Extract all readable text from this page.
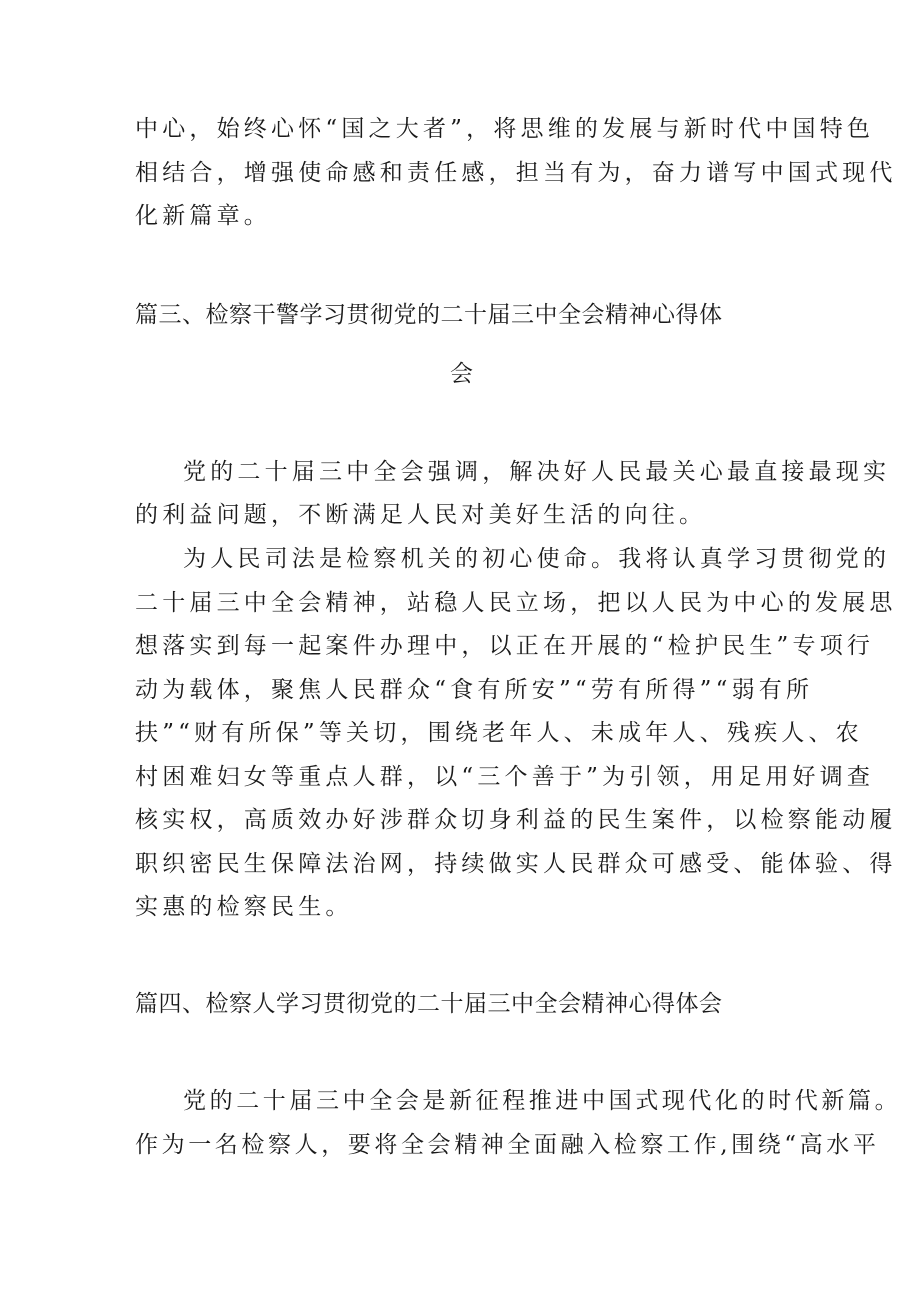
中心，始终心怀“国之大者”，将思维的发展与新时代中国特色
相结合，增强使命感和责任感，担当有为，奋力谱写中国式现代
化新篇章。
篇三、检察干警学习贯彻党的二十届三中全会精神心得体
会
党的二十届三中全会强调，解决好人民最关心最直接最现实
的利益问题，不断满足人民对美好生活的向往。
为人民司法是检察机关的初心使命。我将认真学习贯彻党的
二十届三中全会精神，站稳人民立场，把以人民为中心的发展思
想落实到每一起案件办理中，以正在开展的“检护民生”专项行
动为载体，聚焦人民群众“食有所安”“劳有所得”“弱有所
扶”“财有所保”等关切，围绕老年人、未成年人、残疾人、农
村困难妇女等重点人群，以“三个善于”为引领，用足用好调查
核实权，高质效办好涉群众切身利益的民生案件，以检察能动履
职织密民生保障法治网，持续做实人民群众可感受、能体验、得
实惠的检察民生。
篇四、检察人学习贯彻党的二十届三中全会精神心得体会
党的二十届三中全会是新征程推进中国式现代化的时代新篇。
作为一名检察人，要将全会精神全面融入检察工作,围绕“高水平
